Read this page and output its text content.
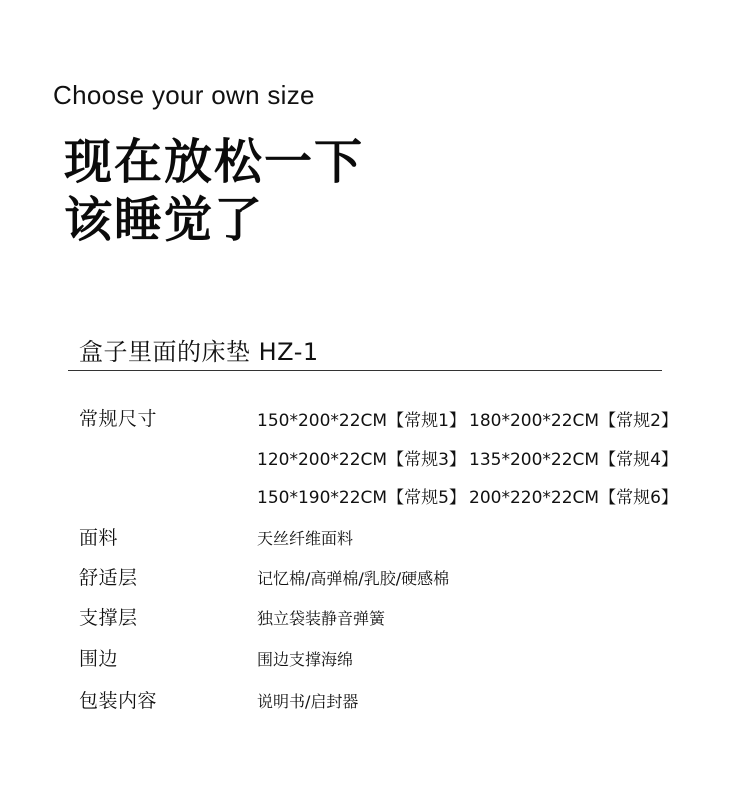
Choose your own size
现在放松一下
该睡觉了
盒子里面的床垫 HZ-1
常规尺寸	150*200*22CM【常规1】 180*200*22CM【常规2】
120*200*22CM【常规3】 135*200*22CM【常规4】
150*190*22CM【常规5】 200*220*22CM【常规6】
面料	天丝纤维面料
舒适层	记忆棉/高弹棉/乳胶/硬感棉
支撑层	独立袋装静音弹簧
围边	围边支撑海绵
包装内容	说明书/启封器
